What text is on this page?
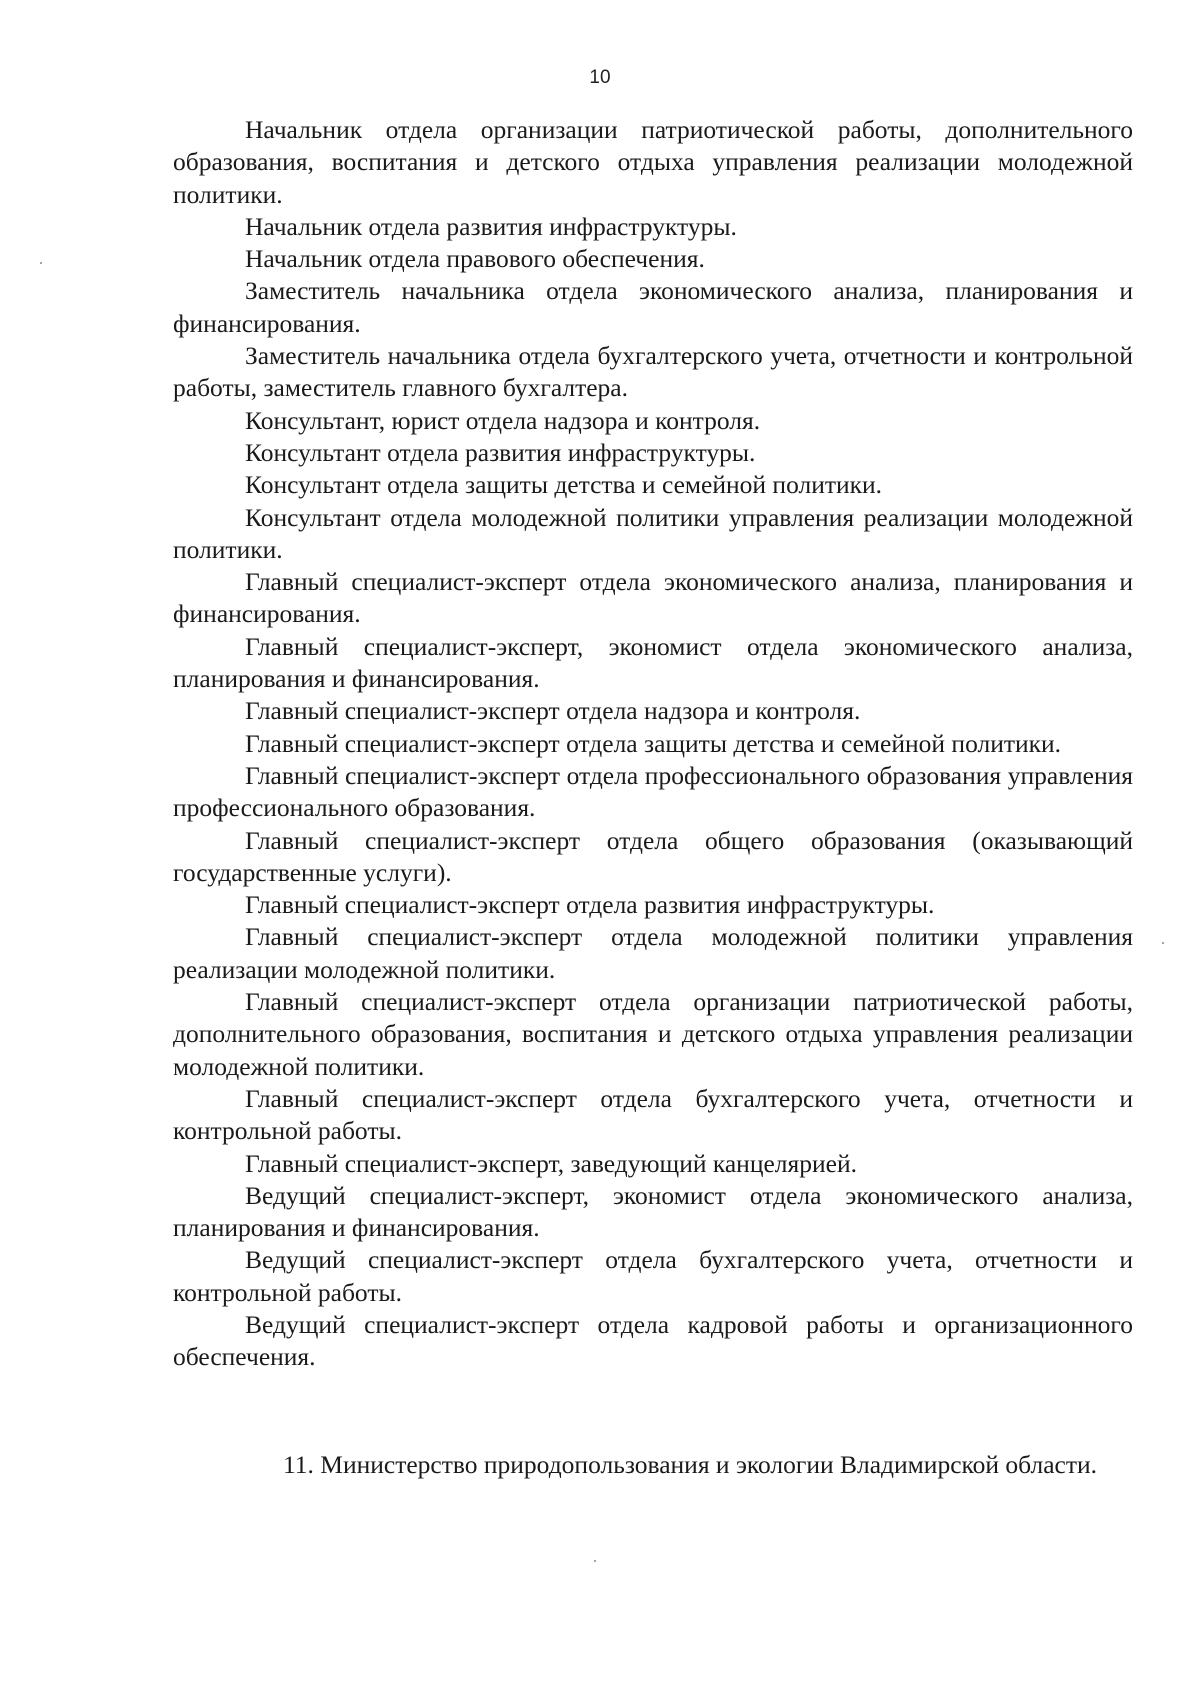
10

Начальник отдела организации патриотической работы, дополнительного образования, воспитания и детского отдыха управления реализации молодежной политики.

Начальник отдела развития инфраструктуры.

Начальник отдела правового обеспечения.

Заместитель начальника отдела экономического анализа, планирования и финансирования.

Заместитель начальника отдела бухгалтерского учета, отчетности и контрольной работы, заместитель главного бухгалтера.

Консультант, юрист отдела надзора и контроля.

Консультант отдела развития инфраструктуры.

Консультант отдела защиты детства и семейной политики.

Консультант отдела молодежной политики управления реализации молодежной политики.

Главный специалист-эксперт отдела экономического анализа, планирования и финансирования.

Главный специалист-эксперт, экономист отдела экономического анализа, планирования и финансирования.

Главный специалист-эксперт отдела надзора и контроля.

Главный специалист-эксперт отдела защиты детства и семейной политики.

Главный специалист-эксперт отдела профессионального образования управления профессионального образования.

Главный специалист-эксперт отдела общего образования (оказывающий государственные услуги).

Главный специалист-эксперт отдела развития инфраструктуры.

Главный специалист-эксперт отдела молодежной политики управления реализации молодежной политики.

Главный специалист-эксперт отдела организации патриотической работы, дополнительного образования, воспитания и детского отдыха управления реализации молодежной политики.

Главный специалист-эксперт отдела бухгалтерского учета, отчетности и контрольной работы.

Главный специалист-эксперт, заведующий канцелярией.

Ведущий специалист-эксперт, экономист отдела экономического анализа, планирования и финансирования.

Ведущий специалист-эксперт отдела бухгалтерского учета, отчетности и контрольной работы.

Ведущий специалист-эксперт отдела кадровой работы и организационного обеспечения.

11. Министерство природопользования и экологии Владимирской области.
